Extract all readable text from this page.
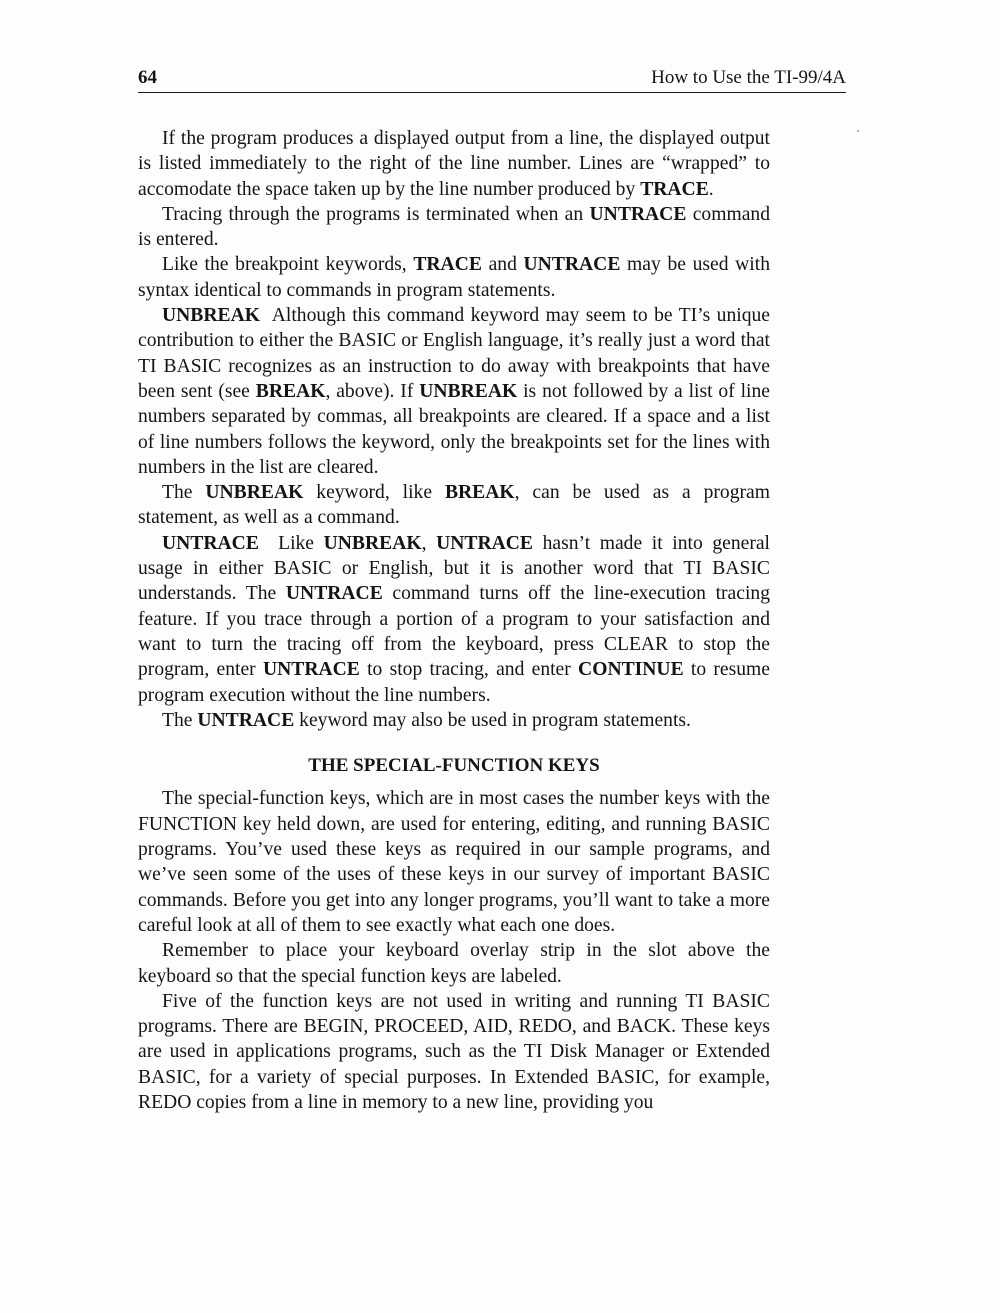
64	How to Use the TI-99/4A

If the program produces a displayed output from a line, the displayed output is listed immediately to the right of the line number. Lines are “wrapped” to accomodate the space taken up by the line number produced by TRACE.

Tracing through the programs is terminated when an UNTRACE command is entered.

Like the breakpoint keywords, TRACE and UNTRACE may be used with syntax identical to commands in program statements.

UNBREAK  Although this command keyword may seem to be TI’s unique contribution to either the BASIC or English language, it’s really just a word that TI BASIC recognizes as an instruction to do away with breakpoints that have been sent (see BREAK, above). If UNBREAK is not followed by a list of line numbers separated by commas, all breakpoints are cleared. If a space and a list of line numbers follows the keyword, only the breakpoints set for the lines with numbers in the list are cleared.

The UNBREAK keyword, like BREAK, can be used as a program statement, as well as a command.

UNTRACE  Like UNBREAK, UNTRACE hasn’t made it into general usage in either BASIC or English, but it is another word that TI BASIC understands. The UNTRACE command turns off the line-execution tracing feature. If you trace through a portion of a program to your satisfaction and want to turn the tracing off from the keyboard, press CLEAR to stop the program, enter UNTRACE to stop tracing, and enter CONTINUE to resume program execution without the line numbers.

The UNTRACE keyword may also be used in program statements.

THE SPECIAL-FUNCTION KEYS

The special-function keys, which are in most cases the number keys with the FUNCTION key held down, are used for entering, editing, and running BASIC programs. You’ve used these keys as required in our sample programs, and we’ve seen some of the uses of these keys in our survey of important BASIC commands. Before you get into any longer programs, you’ll want to take a more careful look at all of them to see exactly what each one does.

Remember to place your keyboard overlay strip in the slot above the keyboard so that the special function keys are labeled.

Five of the function keys are not used in writing and running TI BASIC programs. There are BEGIN, PROCEED, AID, REDO, and BACK. These keys are used in applications programs, such as the TI Disk Manager or Extended BASIC, for a variety of special purposes. In Extended BASIC, for example, REDO copies from a line in memory to a new line, providing you
